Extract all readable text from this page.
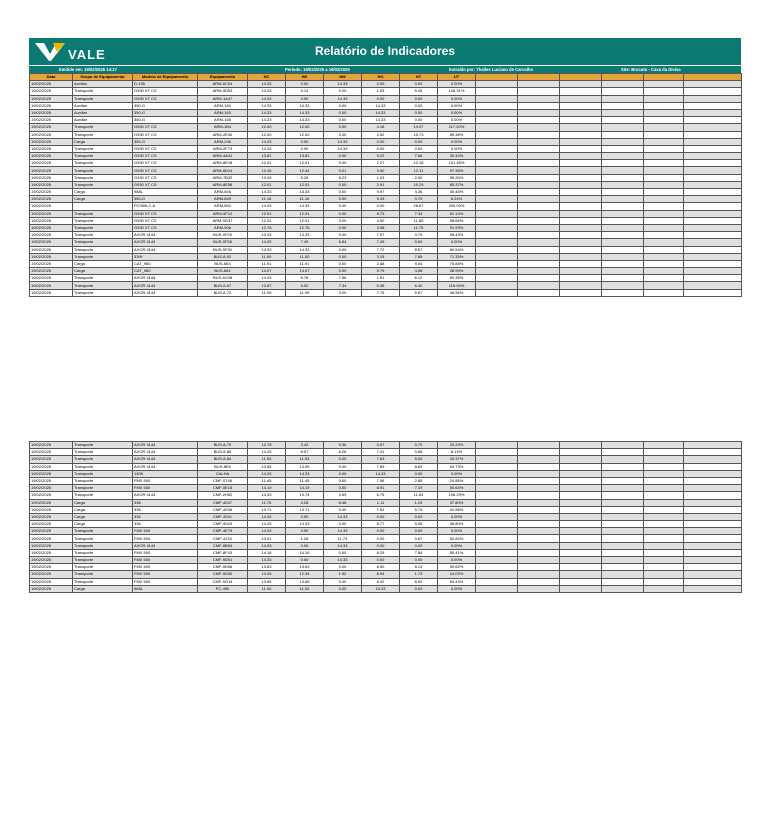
VALE	Relatório de Indicadores
Emitido em: 19/02/2025 14:27	Período: 19/02/2025 a 19/02/2025	Extraído por: Thalles Luciano de Carvalho	Site: Brucutu - Cava da Divisa
Data	Grupo de Equipamento	Modelo de Equipamento	Equipamento	HC	HD	HM	HO	HT	UT						
19/02/2025	Auxiliar	D-155	ARM-6C04	14.33	0.00	14.33	0.00	0.00	0.00%						
19/02/2025	Transporte	G930 XT CS	ARM-0D53	14.33	5.13	9.20	1.05	5.45	106.31%						
19/02/2025	Transporte	G930 XT CS	ARM-1A47	14.33	0.00	14.33	0.00	0.00	0.00%						
19/02/2025	Auxiliar	350-G	ARM-160	14.33	14.33	0.00	14.33	0.00	0.00%						
19/02/2025	Auxiliar	350-G	ARM-163	14.33	14.33	0.00	14.33	0.00	0.00%						
19/02/2025	Auxiliar	350-G	ARM-165	14.33	14.33	0.00	14.33	0.00	0.00%						
19/02/2025	Transporte	G930 XT CS	ARM-1B4	12.00	12.00	0.00	4.18	14.07	117.20%						
19/02/2025	Transporte	G930 XT CS	ARM-2E40	12.00	12.00	0.00	2.52	10.73	89.38%						
19/02/2025	Carga	350-G	ARM-246	14.33	0.00	14.33	0.00	0.00	0.00%						
19/02/2025	Transporte	G930 XT CS	ARM-2F73	14.33	0.00	14.33	0.00	0.00	0.00%						
19/02/2025	Transporte	G930 XT CS	ARM-4A41	13.81	13.81	0.00	9.22	7.66	30.43%						
19/02/2025	Transporte	G930 XT CS	ARM-6E18	12.01	12.01	0.00	2.27	12.18	101.46%						
19/02/2025	Transporte	G930 XT CS	ARM-6D14	12.45	12.44	0.01	3.50	12.11	97.35%						
19/02/2025	Transporte	G930 XT CS	ARM-7B32	13.49	5.26	8.23	1.03	2.90	55.20%						
19/02/2025	Transporte	G930 XT CS	ARM-8E58	12.01	12.01	0.00	2.91	10.25	85.37%						
19/02/2025	Carga	988L	ARM-846	14.33	14.33	0.00	9.97	4.36	30.45%						
19/02/2025	Carga	350-G	ARM-849	11.16	11.16	0.00	9.43	0.70	6.24%						
19/02/2025		PC350LC-8	ARM-852	14.33	14.33	0.00	0.00	28.67	200.00%						
19/02/2025	Transporte	G930 XT CS	ARM-9F12	12.01	12.01	0.00	8.73	7.34	61.13%						
19/02/2025	Transporte	G930 XT CS	ARM-9G37	12.01	12.01	0.00	4.00	11.85	98.66%						
19/02/2025	Transporte	G930 XT CS	ARM-906	12.78	12.78	0.00	3.98	11.75	91.93%						
19/02/2025	Transporte	AXOR 4144	BUS-0F25	13.33	13.33	0.00	7.97	3.79	28.43%						
19/02/2025	Transporte	AXOR 4144	BUS-0F28	14.33	7.49	6.84	7.49	0.00	0.00%						
19/02/2025	Transporte	AXOR 4144	BUS-0F30	14.33	14.33	0.00	7.72	8.67	60.54%						
19/02/2025	Transporte	33HI	BUS-8-02	11.00	11.00	0.00	3.15	7.85	71.33%						
19/02/2025	Carga	CAT_980	BUS-663	11.91	11.91	0.00	2.88	9.04	75.88%						
19/02/2025	Carga	CAT_980	BUS-664	14.07	14.07	0.00	9.79	4.08	28.99%						
19/02/2025	Transporte	AXOR 4144	BUS-6C08	14.33	6.78	7.56	1.51	6.12	90.35%						
19/02/2025	Transporte	AXOR 4144	BUS-8-67	12.87	5.52	7.34	0.38	6.40	115.94%						
19/02/2025	Transporte	AXOR 4144	BUS-8-72	11.99	11.99	0.00	7.75	5.67	48.56%						
19/02/2025	Transporte	AXOR 4144	BUS-8-79	12.78	3.42	9.36	0.97	0.70	20.29%						
19/02/2025	Transporte	AXOR 4144	BUS-8-80	14.33	8.07	6.26	7.41	0.66	8.13%						
19/02/2025	Transporte	AXOR 4144	BUS-8-84	11.53	11.53	0.00	7.63	5.00	43.37%						
19/02/2025	Transporte	AXOR 4144	BUS-8E0	13.55	13.55	0.00	7.89	8.63	63.73%						
19/02/2025	Transporte	140K	CALHA	14.33	14.33	0.00	14.33	0.00	0.00%						
19/02/2025	Transporte	FMX 500	CMF-0748	11.45	11.45	0.00	7.96	2.85	24.86%						
19/02/2025	Transporte	FMX 500	CMF-0E15	14.19	14.19	0.00	8.91	7.19	50.64%						
19/02/2025	Transporte	AXOR 4144	CMF-2H52	14.33	10.74	3.59	6.75	11.63	108.29%						
19/02/2025	Carga	336	CMF-4037	11.76	3.28	8.48	1.11	1.24	37.80%						
19/02/2025	Carga	336	CMF-4038	13.71	13.71	0.00	7.52	5.75	41.96%						
19/02/2025	Carga	336	CMF-4041	14.33	0.00	14.33	0.00	0.00	0.00%						
19/02/2025	Carga	336	CMF-4043	14.33	14.33	0.00	8.77	5.56	38.80%						
19/02/2025	Transporte	FMX 500	CMF-4E79	14.33	0.00	14.33	0.00	0.00	0.00%						
19/02/2025	Transporte	FMX 500	CMF-4J34	13.01	1.28	11.74	0.00	0.67	52.84%						
19/02/2025	Transporte	AXOR 4144	CMF-6B54	14.33	0.00	14.33	0.00	0.00	0.00%						
19/02/2025	Transporte	FMX 500	CMF-8F43	14.16	14.16	0.00	8.25	7.84	55.41%						
19/02/2025	Transporte	FMX 500	CMF-9D01	14.33	0.00	14.33	0.00	0.00	0.00%						
19/02/2025	Transporte	FMX 500	CMF-9D06	13.63	13.63	0.00	8.50	8.13	59.62%						
19/02/2025	Transporte	FMX 500	CMF-9D30	14.26	12.34	1.92	8.94	1.73	14.03%						
19/02/2025	Transporte	FMX 500	CMF-9G14	13.65	13.65	0.00	8.42	8.92	64.43%						
19/02/2025	Carga	988L	PC-490	11.00	11.00	0.00	10.33	0.00	0.00%						
